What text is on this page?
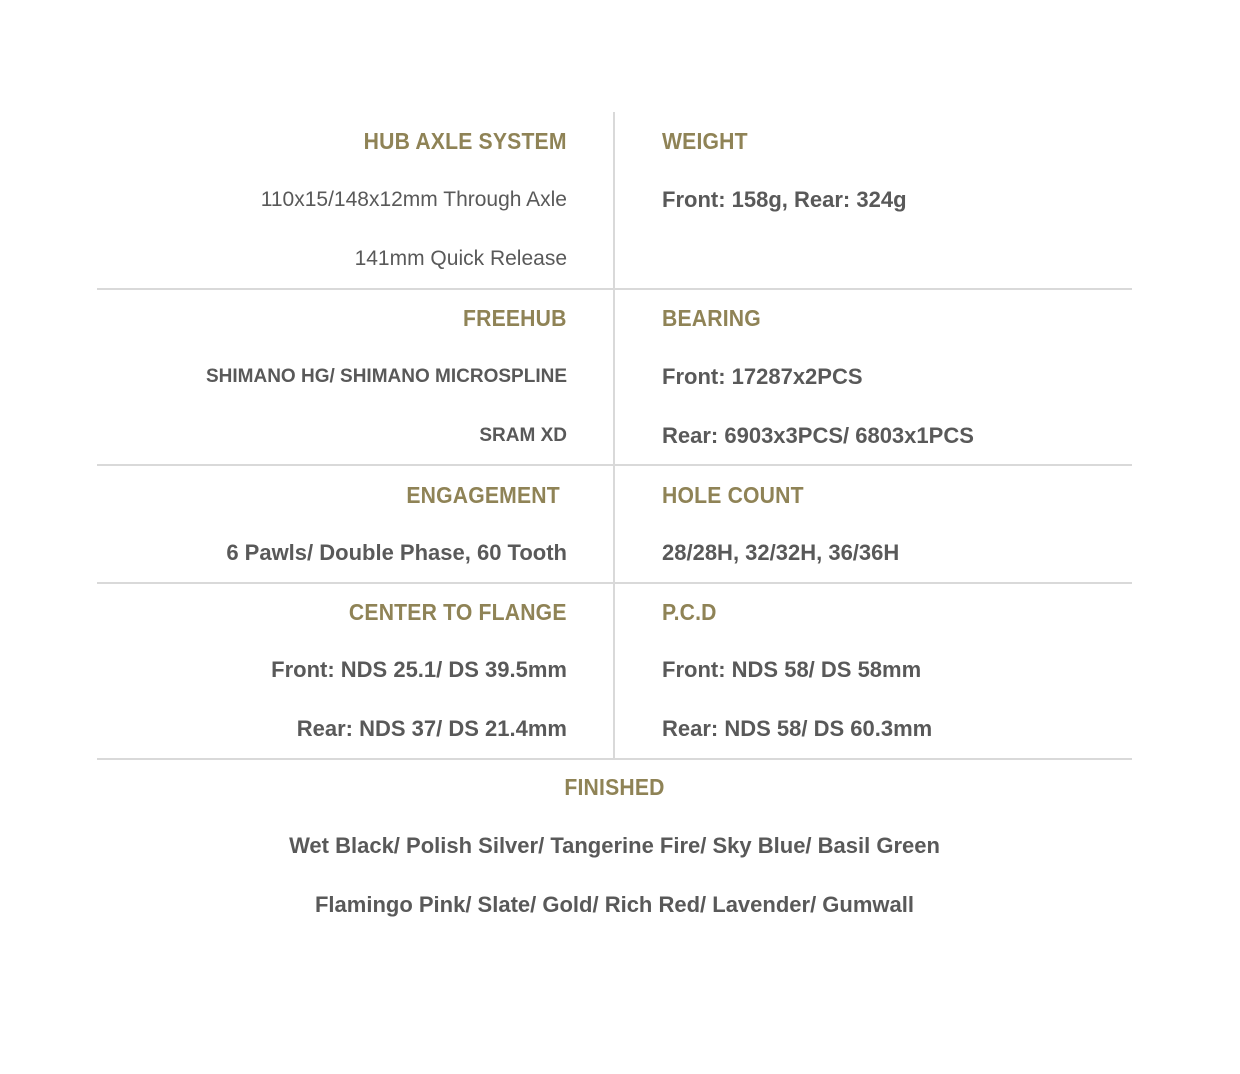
HUB AXLE SYSTEM
110x15/148x12mm Through Axle
141mm Quick Release
WEIGHT
Front: 158g, Rear: 324g
FREEHUB
SHIMANO HG/ SHIMANO MICROSPLINE
SRAM XD
BEARING
Front: 17287x2PCS
Rear: 6903x3PCS/ 6803x1PCS
ENGAGEMENT
6 Pawls/ Double Phase, 60 Tooth
HOLE COUNT
28/28H, 32/32H, 36/36H
CENTER TO FLANGE
Front: NDS 25.1/ DS 39.5mm
Rear: NDS 37/ DS 21.4mm
P.C.D
Front: NDS 58/ DS 58mm
Rear: NDS 58/ DS 60.3mm
FINISHED
Wet Black/ Polish Silver/ Tangerine Fire/ Sky Blue/ Basil Green
Flamingo Pink/ Slate/ Gold/ Rich Red/ Lavender/ Gumwall
